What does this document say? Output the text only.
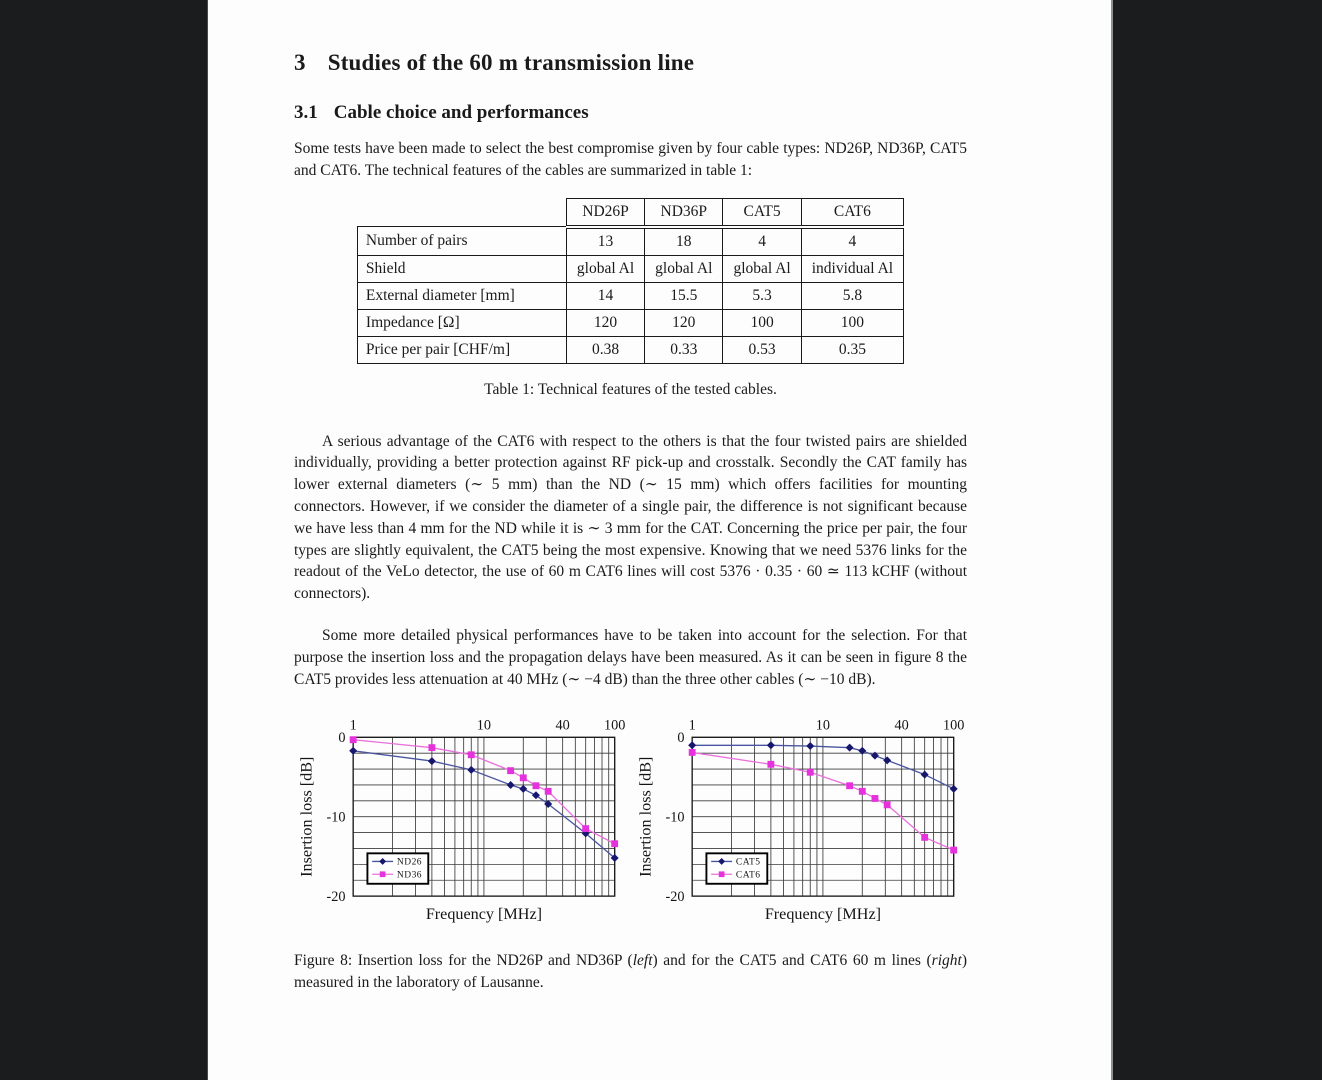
3 Studies of the 60 m transmission line
3.1 Cable choice and performances
Some tests have been made to select the best compromise given by four cable types: ND26P, ND36P, CAT5 and CAT6. The technical features of the cables are summarized in table 1:
	ND26P	ND36P	CAT5	CAT6
Number of pairs	13	18	4	4
Shield	global Al	global Al	global Al	individual Al
External diameter [mm]	14	15.5	5.3	5.8
Impedance [Ω]	120	120	100	100
Price per pair [CHF/m]	0.38	0.33	0.53	0.35
Table 1: Technical features of the tested cables.
A serious advantage of the CAT6 with respect to the others is that the four twisted pairs are shielded individually, providing a better protection against RF pick-up and crosstalk. Secondly the CAT family has lower external diameters (∼ 5 mm) than the ND (∼ 15 mm) which offers facilities for mounting connectors. However, if we consider the diameter of a single pair, the difference is not significant because we have less than 4 mm for the ND while it is ∼ 3 mm for the CAT. Concerning the price per pair, the four types are slightly equivalent, the CAT5 being the most expensive. Knowing that we need 5376 links for the readout of the VeLo detector, the use of 60 m CAT6 lines will cost 5376 · 0.35 · 60 ≃ 113 kCHF (without connectors).
Some more detailed physical performances have to be taken into account for the selection. For that purpose the insertion loss and the propagation delays have been measured. As it can be seen in figure 8 the CAT5 provides less attenuation at 40 MHz (∼ −4 dB) than the three other cables (∼ −10 dB).
1	10	40 100
0
-10
-20
ND26
ND36
Frequency [MHz]
Insertion loss [dB]
1	10	40 100
0
-10
-20
CAT5
CAT6
Frequency [MHz]
Insertion loss [dB]
Figure 8: Insertion loss for the ND26P and ND36P (left) and for the CAT5 and CAT6 60 m lines (right) measured in the laboratory of Lausanne.
